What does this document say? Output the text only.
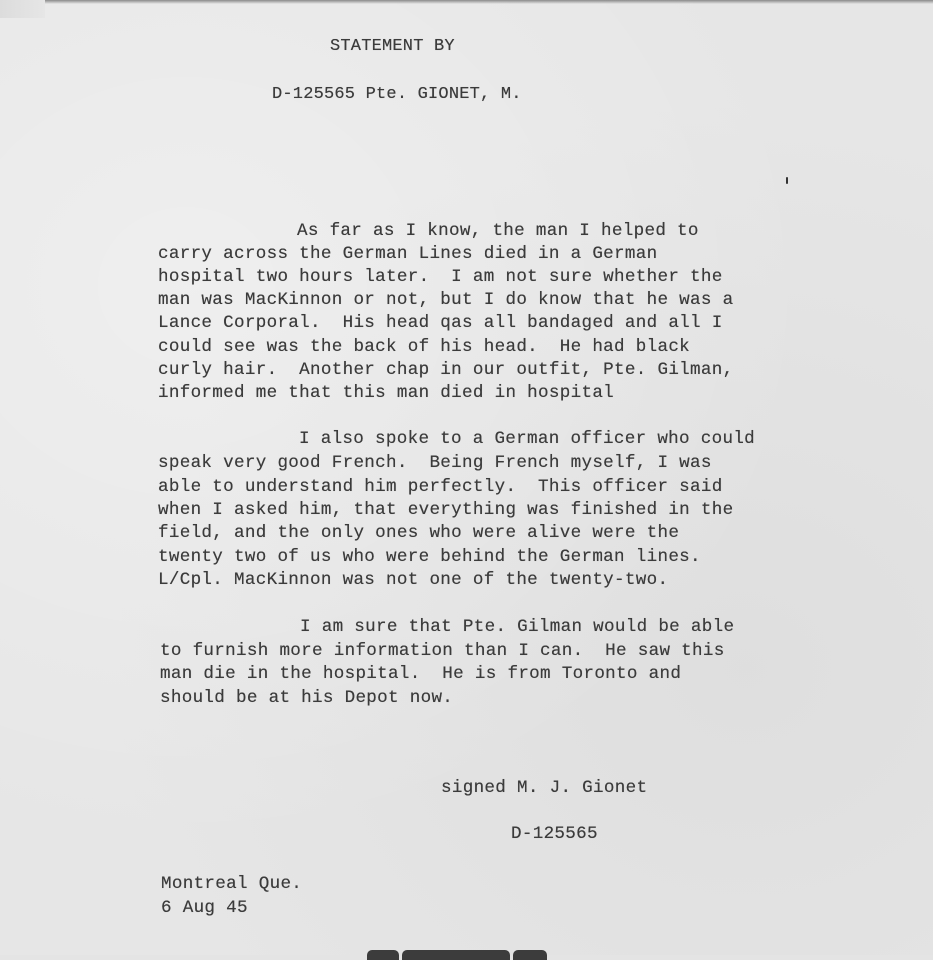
STATEMENT BY
D-125565 Pte. GIONET, M.
As far as I know, the man I helped to
carry across the German Lines died in a German
hospital two hours later.  I am not sure whether the
man was MacKinnon or not, but I do know that he was a
Lance Corporal.  His head qas all bandaged and all I
could see was the back of his head.  He had black
curly hair.  Another chap in our outfit, Pte. Gilman,
informed me that this man died in hospital
I also spoke to a German officer who could
speak very good French.  Being French myself, I was
able to understand him perfectly.  This officer said
when I asked him, that everything was finished in the
field, and the only ones who were alive were the
twenty two of us who were behind the German lines.
L/Cpl. MacKinnon was not one of the twenty-two.
I am sure that Pte. Gilman would be able
to furnish more information than I can.  He saw this
man die in the hospital.  He is from Toronto and
should be at his Depot now.
signed M. J. Gionet
D-125565
Montreal Que.
6 Aug 45
